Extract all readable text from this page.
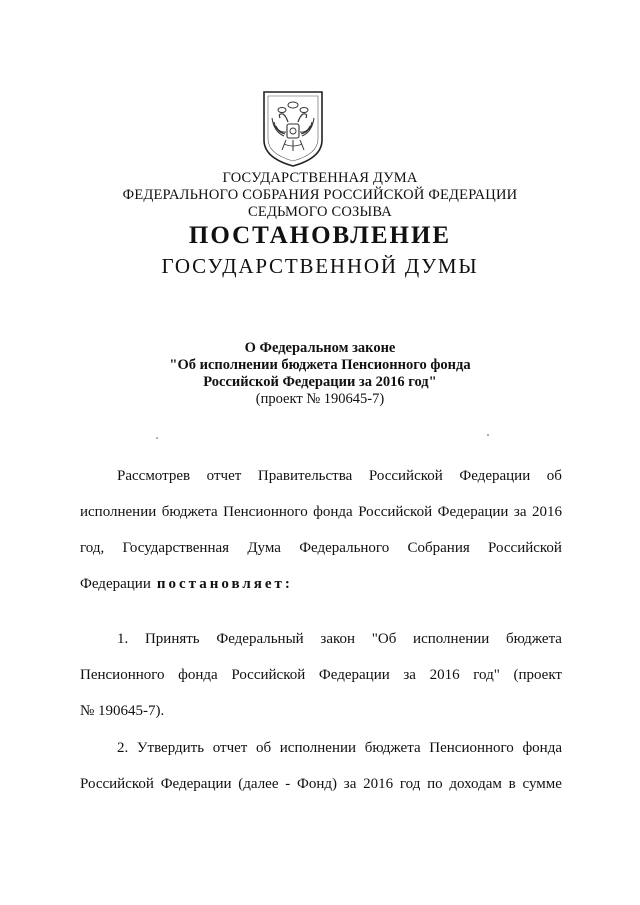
ГОСУДАРСТВЕННАЯ ДУМА
ФЕДЕРАЛЬНОГО СОБРАНИЯ РОССИЙСКОЙ ФЕДЕРАЦИИ
СЕДЬМОГО СОЗЫВА
ПОСТАНОВЛЕНИЕ
ГОСУДАРСТВЕННОЙ ДУМЫ
О Федеральном законе
"Об исполнении бюджета Пенсионного фонда
Российской Федерации за 2016 год"
(проект № 190645-7)
Рассмотрев отчет Правительства Российской Федерации об
исполнении бюджета Пенсионного фонда Российской Федерации за 2016
год, Государственная Дума Федерального Собрания Российской
Федерации постановляет:
1. Принять Федеральный закон "Об исполнении бюджета
Пенсионного фонда Российской Федерации за 2016 год" (проект
№ 190645-7).
2. Утвердить отчет об исполнении бюджета Пенсионного фонда
Российской Федерации (далее - Фонд) за 2016 год по доходам в сумме
